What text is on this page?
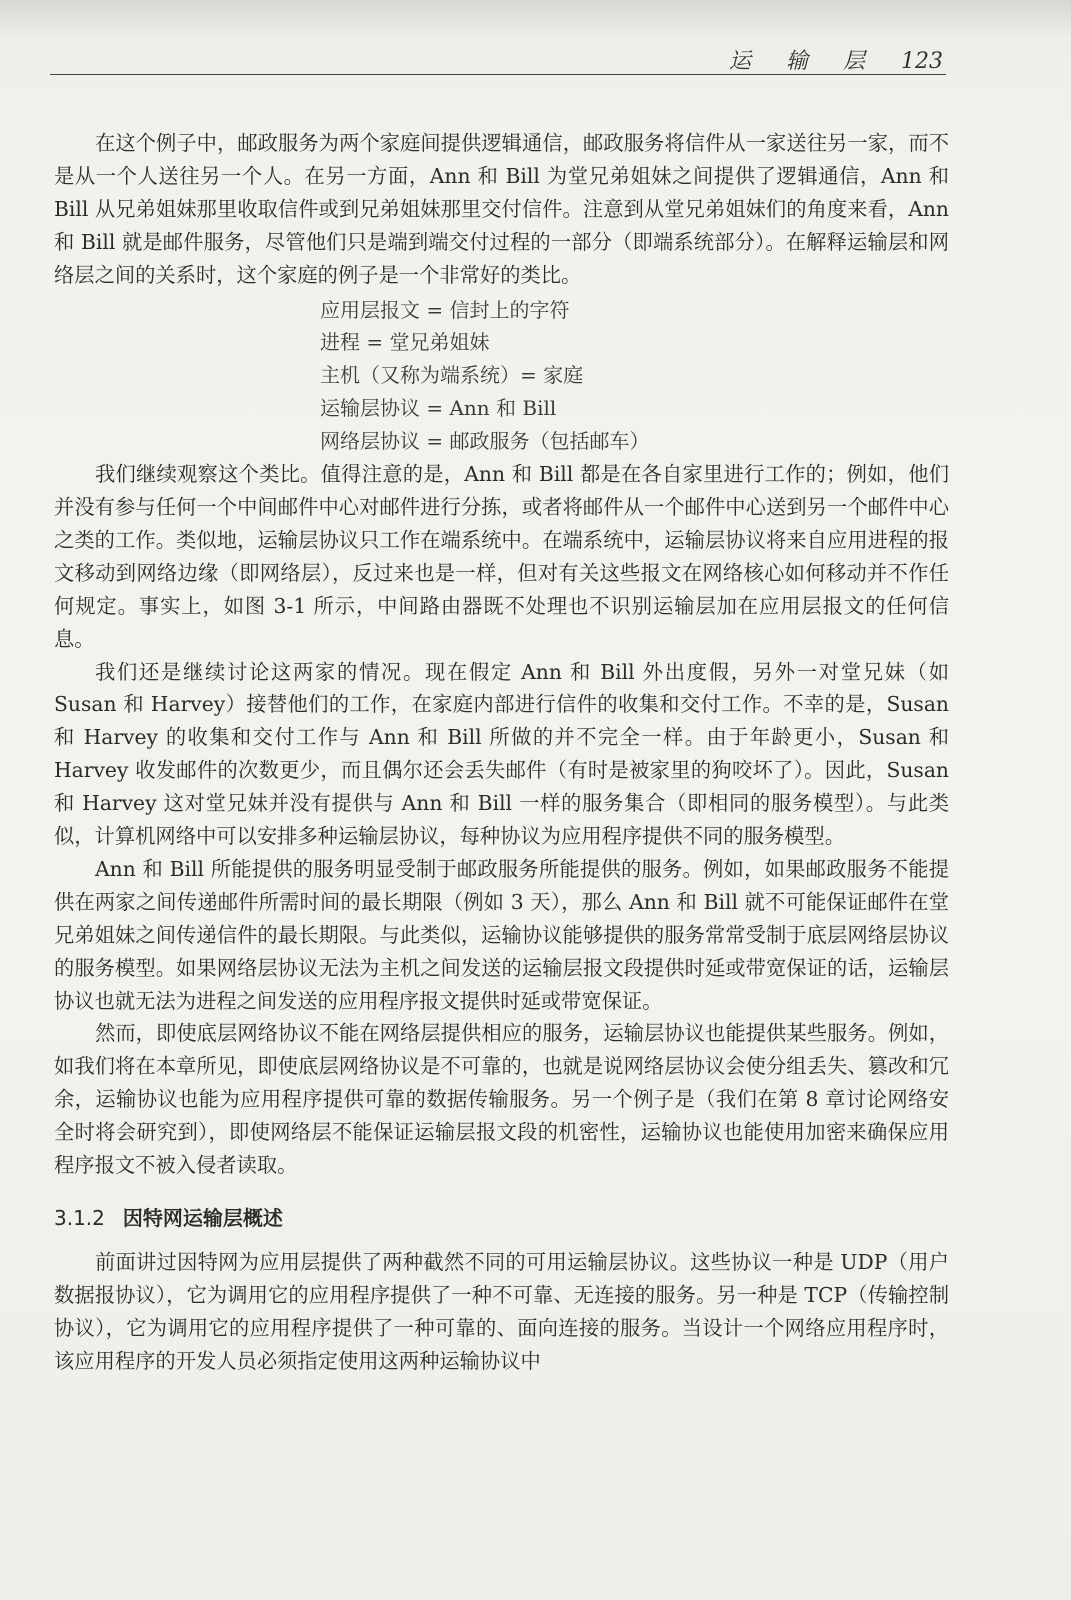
运 输 层 123

在这个例子中，邮政服务为两个家庭间提供逻辑通信，邮政服务将信件从一家送往另一家，而不是从一个人送往另一个人。在另一方面，Ann 和 Bill 为堂兄弟姐妹之间提供了逻辑通信，Ann 和 Bill 从兄弟姐妹那里收取信件或到兄弟姐妹那里交付信件。注意到从堂兄弟姐妹们的角度来看，Ann 和 Bill 就是邮件服务，尽管他们只是端到端交付过程的一部分（即端系统部分）。在解释运输层和网络层之间的关系时，这个家庭的例子是一个非常好的类比。

应用层报文 = 信封上的字符
进程 = 堂兄弟姐妹
主机（又称为端系统）= 家庭
运输层协议 = Ann 和 Bill
网络层协议 = 邮政服务（包括邮车）

我们继续观察这个类比。值得注意的是，Ann 和 Bill 都是在各自家里进行工作的；例如，他们并没有参与任何一个中间邮件中心对邮件进行分拣，或者将邮件从一个邮件中心送到另一个邮件中心之类的工作。类似地，运输层协议只工作在端系统中。在端系统中，运输层协议将来自应用进程的报文移动到网络边缘（即网络层），反过来也是一样，但对有关这些报文在网络核心如何移动并不作任何规定。事实上，如图 3-1 所示，中间路由器既不处理也不识别运输层加在应用层报文的任何信息。

我们还是继续讨论这两家的情况。现在假定 Ann 和 Bill 外出度假，另外一对堂兄妹（如 Susan 和 Harvey）接替他们的工作，在家庭内部进行信件的收集和交付工作。不幸的是，Susan 和 Harvey 的收集和交付工作与 Ann 和 Bill 所做的并不完全一样。由于年龄更小，Susan 和 Harvey 收发邮件的次数更少，而且偶尔还会丢失邮件（有时是被家里的狗咬坏了）。因此，Susan 和 Harvey 这对堂兄妹并没有提供与 Ann 和 Bill 一样的服务集合（即相同的服务模型）。与此类似，计算机网络中可以安排多种运输层协议，每种协议为应用程序提供不同的服务模型。

Ann 和 Bill 所能提供的服务明显受制于邮政服务所能提供的服务。例如，如果邮政服务不能提供在两家之间传递邮件所需时间的最长期限（例如 3 天），那么 Ann 和 Bill 就不可能保证邮件在堂兄弟姐妹之间传递信件的最长期限。与此类似，运输协议能够提供的服务常常受制于底层网络层协议的服务模型。如果网络层协议无法为主机之间发送的运输层报文段提供时延或带宽保证的话，运输层协议也就无法为进程之间发送的应用程序报文提供时延或带宽保证。

然而，即使底层网络协议不能在网络层提供相应的服务，运输层协议也能提供某些服务。例如，如我们将在本章所见，即使底层网络协议是不可靠的，也就是说网络层协议会使分组丢失、篡改和冗余，运输协议也能为应用程序提供可靠的数据传输服务。另一个例子是（我们在第 8 章讨论网络安全时将会研究到），即使网络层不能保证运输层报文段的机密性，运输协议也能使用加密来确保应用程序报文不被入侵者读取。

3.1.2 因特网运输层概述

前面讲过因特网为应用层提供了两种截然不同的可用运输层协议。这些协议一种是 UDP（用户数据报协议），它为调用它的应用程序提供了一种不可靠、无连接的服务。另一种是 TCP（传输控制协议），它为调用它的应用程序提供了一种可靠的、面向连接的服务。当设计一个网络应用程序时，该应用程序的开发人员必须指定使用这两种运输协议中
